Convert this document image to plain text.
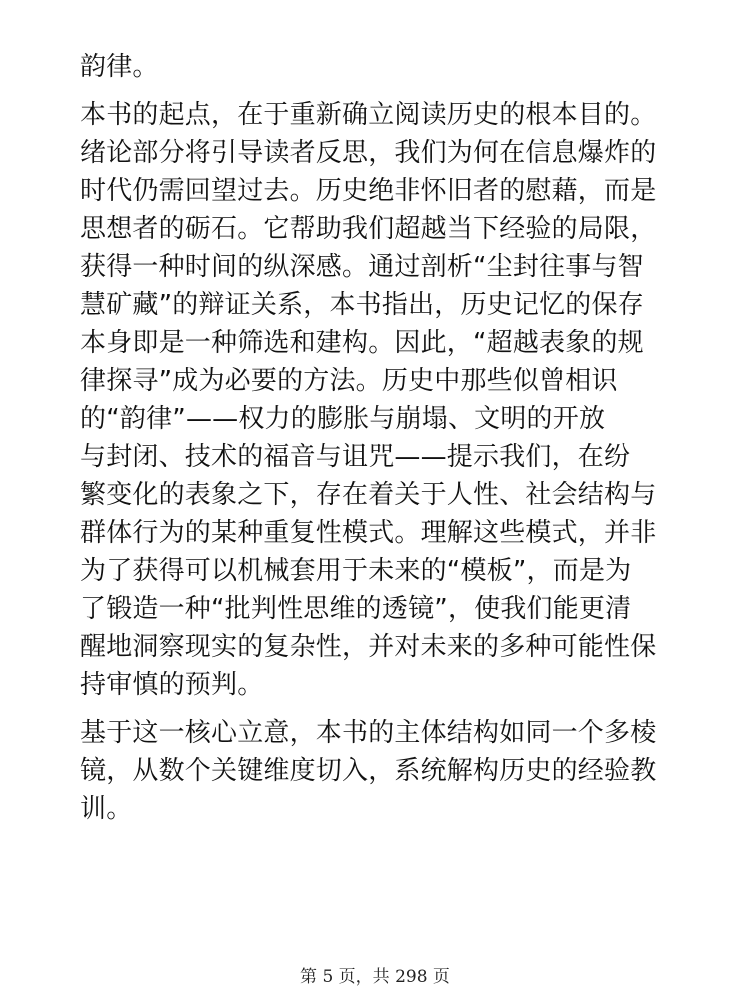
韵律。

本书的起点，在于重新确立阅读历史的根本目的。
绪论部分将引导读者反思，我们为何在信息爆炸的
时代仍需回望过去。历史绝非怀旧者的慰藉，而是
思想者的砺石。它帮助我们超越当下经验的局限，
获得一种时间的纵深感。通过剖析“尘封往事与智
慧矿藏”的辩证关系，本书指出，历史记忆的保存
本身即是一种筛选和建构。因此，“超越表象的规
律探寻”成为必要的方法。历史中那些似曾相识
的“韵律”——权力的膨胀与崩塌、文明的开放
与封闭、技术的福音与诅咒——提示我们，在纷
繁变化的表象之下，存在着关于人性、社会结构与
群体行为的某种重复性模式。理解这些模式，并非
为了获得可以机械套用于未来的“模板”，而是为
了锻造一种“批判性思维的透镜”，使我们能更清
醒地洞察现实的复杂性，并对未来的多种可能性保
持审慎的预判。

基于这一核心立意，本书的主体结构如同一个多棱
镜，从数个关键维度切入，系统解构历史的经验教
训。

第 5 页，共 298 页
